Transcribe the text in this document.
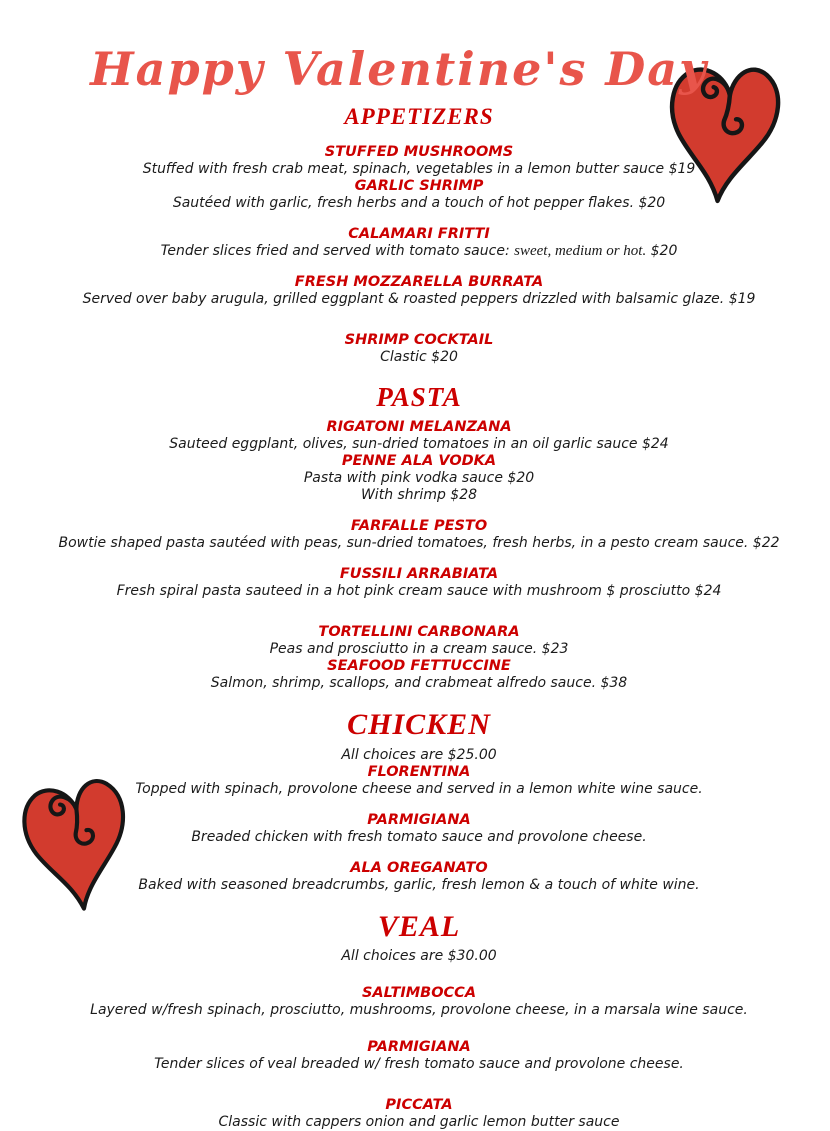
Happy Valentine's Day
APPETIZERS
STUFFED MUSHROOMS
Stuffed with fresh crab meat, spinach, vegetables in a lemon butter sauce $19
GARLIC SHRIMP
Sautéed with garlic, fresh herbs and a touch of hot pepper flakes. $20
CALAMARI FRITTI
Tender slices fried and served with tomato sauce: sweet, medium or hot. $20
FRESH MOZZARELLA BURRATA
Served over baby arugula, grilled eggplant & roasted peppers drizzled with balsamic glaze. $19
SHRIMP COCKTAIL
Clastic $20
PASTA
RIGATONI MELANZANA
Sauteed eggplant, olives, sun-dried tomatoes in an oil garlic sauce $24
PENNE ALA VODKA
Pasta with pink vodka sauce $20
With shrimp $28
FARFALLE PESTO
Bowtie shaped pasta sautéed with peas, sun-dried tomatoes, fresh herbs, in a pesto cream sauce. $22
FUSSILI ARRABIATA
Fresh spiral pasta sauteed in a hot pink cream sauce with mushroom $ prosciutto $24
TORTELLINI CARBONARA
Peas and prosciutto in a cream sauce. $23
SEAFOOD FETTUCCINE
Salmon, shrimp, scallops, and crabmeat alfredo sauce. $38
CHICKEN
All choices are $25.00
FLORENTINA
Topped with spinach, provolone cheese and served in a lemon white wine sauce.
PARMIGIANA
Breaded chicken with fresh tomato sauce and provolone cheese.
ALA OREGANATO
Baked with seasoned breadcrumbs, garlic, fresh lemon & a touch of white wine.
VEAL
All choices are $30.00
SALTIMBOCCA
Layered w/fresh spinach, prosciutto, mushrooms, provolone cheese, in a marsala wine sauce.
PARMIGIANA
Tender slices of veal breaded w/ fresh tomato sauce and provolone cheese.
PICCATA
Classic with cappers onion and garlic lemon butter sauce
